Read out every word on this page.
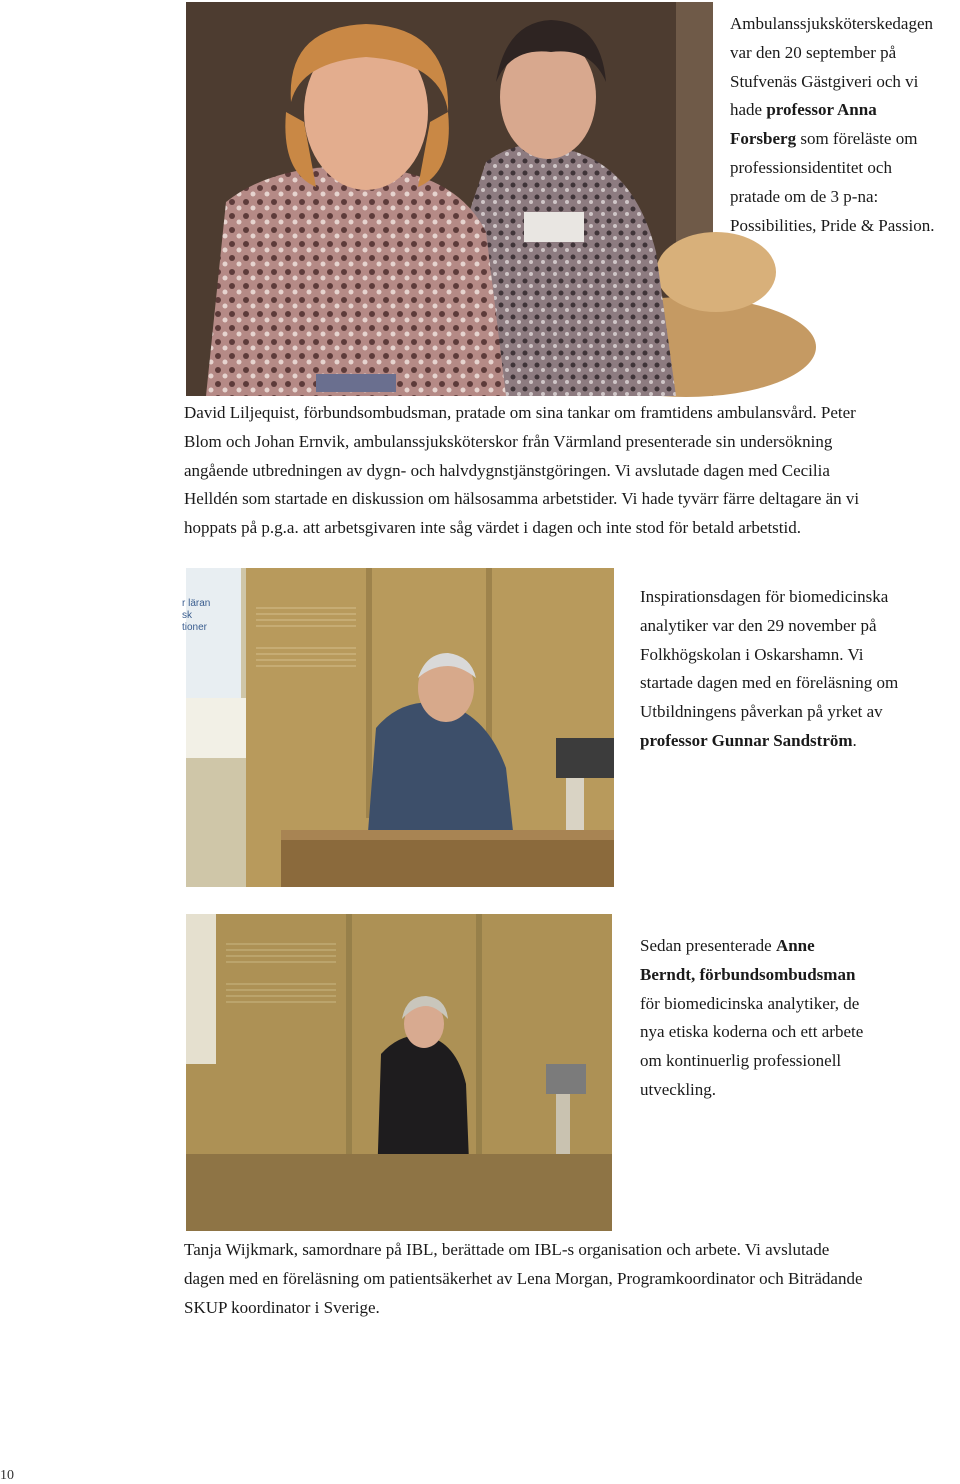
Ambulanssjuksköterskedagen
var den 20 september på
Stufvenäs Gästgiveri och vi
hade professor Anna
Forsberg som föreläste om
professionsidentitet och
pratade om de 3 p-na:
Possibilities, Pride & Passion.

David Liljequist, förbundsombudsman, pratade om sina tankar om framtidens ambulansvård. Peter
Blom och Johan Ernvik, ambulanssjuksköterskor från Värmland presenterade sin undersökning
angående utbredningen av dygn- och halvdygnstjänstgöringen. Vi avslutade dagen med Cecilia
Helldén som startade en diskussion om hälsosamma arbetstider. Vi hade tyvärr färre deltagare än vi
hoppats på p.g.a. att arbetsgivaren inte såg värdet i dagen och inte stod för betald arbetstid.

r läran
sk
tioner

Inspirationsdagen för biomedicinska
analytiker var den 29 november på
Folkhögskolan i Oskarshamn. Vi
startade dagen med en föreläsning om
Utbildningens påverkan på yrket av
professor Gunnar Sandström.

Sedan presenterade Anne
Berndt, förbundsombudsman
för biomedicinska analytiker, de
nya etiska koderna och ett arbete
om kontinuerlig professionell
utveckling.

Tanja Wijkmark, samordnare på IBL, berättade om IBL-s organisation och arbete. Vi avslutade
dagen med en föreläsning om patientsäkerhet av Lena Morgan, Programkoordinator och Biträdande
SKUP koordinator i Sverige.

10
